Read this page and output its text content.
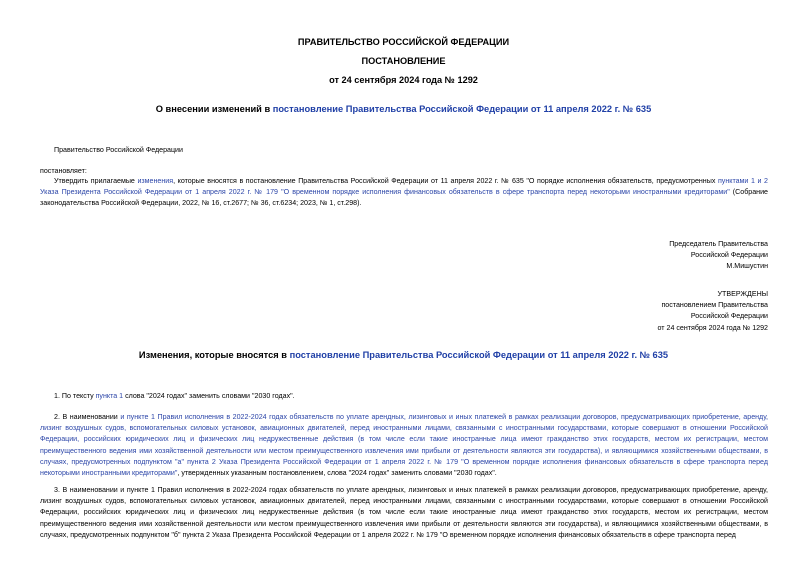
ПРАВИТЕЛЬСТВО РОССИЙСКОЙ ФЕДЕРАЦИИ
ПОСТАНОВЛЕНИЕ
от 24 сентября 2024 года № 1292
О внесении изменений в постановление Правительства Российской Федерации от 11 апреля 2022 г. № 635
Правительство Российской Федерации
постановляет:
Утвердить прилагаемые изменения, которые вносятся в постановление Правительства Российской Федерации от 11 апреля 2022 г. № 635 "О порядке исполнения обязательств, предусмотренных пунктами 1 и 2 Указа Президента Российской Федерации от 1 апреля 2022 г. № 179 "О временном порядке исполнения финансовых обязательств в сфере транспорта перед некоторыми иностранными кредиторами" (Собрание законодательства Российской Федерации, 2022, № 16, ст.2677; № 36, ст.6234; 2023, № 1, ст.298).
Председатель Правительства
Российской Федерации
М.Мишустин
УТВЕРЖДЕНЫ
постановлением Правительства
Российской Федерации
от 24 сентября 2024 года № 1292
Изменения, которые вносятся в постановление Правительства Российской Федерации от 11 апреля 2022 г. № 635
1. По тексту пункта 1 слова "2024 годах" заменить словами "2030 годах".
2. В наименовании и пункте 1 Правил исполнения в 2022-2024 годах обязательств по уплате арендных, лизинговых и иных платежей в рамках реализации договоров, предусматривающих приобретение, аренду, лизинг воздушных судов, вспомогательных силовых установок, авиационных двигателей, перед иностранными лицами, связанными с иностранными государствами, которые совершают в отношении Российской Федерации, российских юридических лиц и физических лиц недружественные действия (в том числе если такие иностранные лица имеют гражданство этих государств, местом их регистрации, местом преимущественного ведения ими хозяйственной деятельности или местом преимущественного извлечения ими прибыли от деятельности являются эти государства), и являющимися хозяйственными обществами, в случаях, предусмотренных подпунктом "а" пункта 2 Указа Президента Российской Федерации от 1 апреля 2022 г. № 179 "О временном порядке исполнения финансовых обязательств в сфере транспорта перед некоторыми иностранными кредиторами", утвержденных указанным постановлением, слова "2024 годах" заменить словами "2030 годах".
3. В наименовании и пункте 1 Правил исполнения в 2022-2024 годах обязательств по уплате арендных, лизинговых и иных платежей в рамках реализации договоров, предусматривающих приобретение, аренду, лизинг воздушных судов, вспомогательных силовых установок, авиационных двигателей, перед иностранными лицами, связанными с иностранными государствами, которые совершают в отношении Российской Федерации, российских юридических лиц и физических лиц недружественные действия (в том числе если такие иностранные лица имеют гражданство этих государств, местом их регистрации, местом преимущественного ведения ими хозяйственной деятельности или местом преимущественного извлечения ими прибыли от деятельности являются эти государства), и являющимися хозяйственными обществами, в случаях, предусмотренных подпунктом "б" пункта 2 Указа Президента Российской Федерации от 1 апреля 2022 г. № 179 "О временном порядке исполнения финансовых обязательств в сфере транспорта перед
